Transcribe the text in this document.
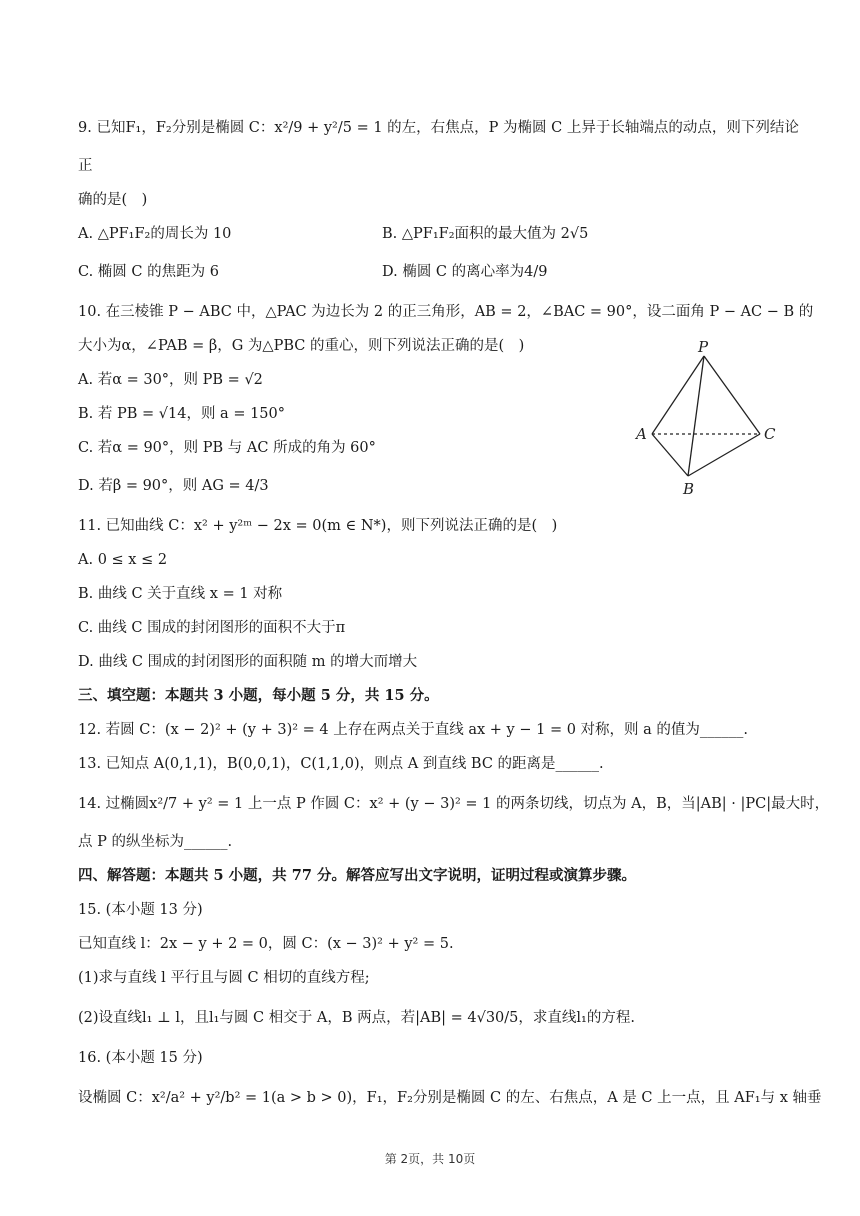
9. 已知F₁，F₂分别是椭圆 C：x²/9 + y²/5 = 1 的左，右焦点，P 为椭圆 C 上异于长轴端点的动点，则下列结论
正
确的是(　)
A. △PF₁F₂的周长为 10	B. △PF₁F₂面积的最大值为 2√5
C. 椭圆 C 的焦距为 6	D. 椭圆 C 的离心率为4/9
10. 在三棱锥 P − ABC 中，△PAC 为边长为 2 的正三角形，AB = 2，∠BAC = 90°，设二面角 P − AC − B 的
大小为α，∠PAB = β，G 为△PBC 的重心，则下列说法正确的是(　)
A. 若α = 30°，则 PB = √2
B. 若 PB = √14，则 a = 150°
C. 若α = 90°，则 PB 与 AC 所成的角为 60°
D. 若β = 90°，则 AG = 4/3
P
A
B
C
11. 已知曲线 C：x² + y²ᵐ − 2x = 0(m ∈ N*)，则下列说法正确的是(　)
A. 0 ≤ x ≤ 2
B. 曲线 C 关于直线 x = 1 对称
C. 曲线 C 围成的封闭图形的面积不大于π
D. 曲线 C 围成的封闭图形的面积随 m 的增大而增大
三、填空题：本题共 3 小题，每小题 5 分，共 15 分。
12. 若圆 C：(x − 2)² + (y + 3)² = 4 上存在两点关于直线 ax + y − 1 = 0 对称，则 a 的值为______.
13. 已知点 A(0,1,1)，B(0,0,1)，C(1,1,0)，则点 A 到直线 BC 的距离是______.
14. 过椭圆x²/7 + y² = 1 上一点 P 作圆 C：x² + (y − 3)² = 1 的两条切线，切点为 A，B，当|AB| · |PC|最大时，
点 P 的纵坐标为______.
四、解答题：本题共 5 小题，共 77 分。解答应写出文字说明，证明过程或演算步骤。
15. (本小题 13 分)
已知直线 l：2x − y + 2 = 0，圆 C：(x − 3)² + y² = 5.
(1)求与直线 l 平行且与圆 C 相切的直线方程;
(2)设直线l₁ ⊥ l，且l₁与圆 C 相交于 A，B 两点，若|AB| = 4√30/5，求直线l₁的方程.
16. (本小题 15 分)
设椭圆 C：x²/a² + y²/b² = 1(a > b > 0)，F₁，F₂分别是椭圆 C 的左、右焦点，A 是 C 上一点，且 AF₁与 x 轴垂
第 2页，共 10页
